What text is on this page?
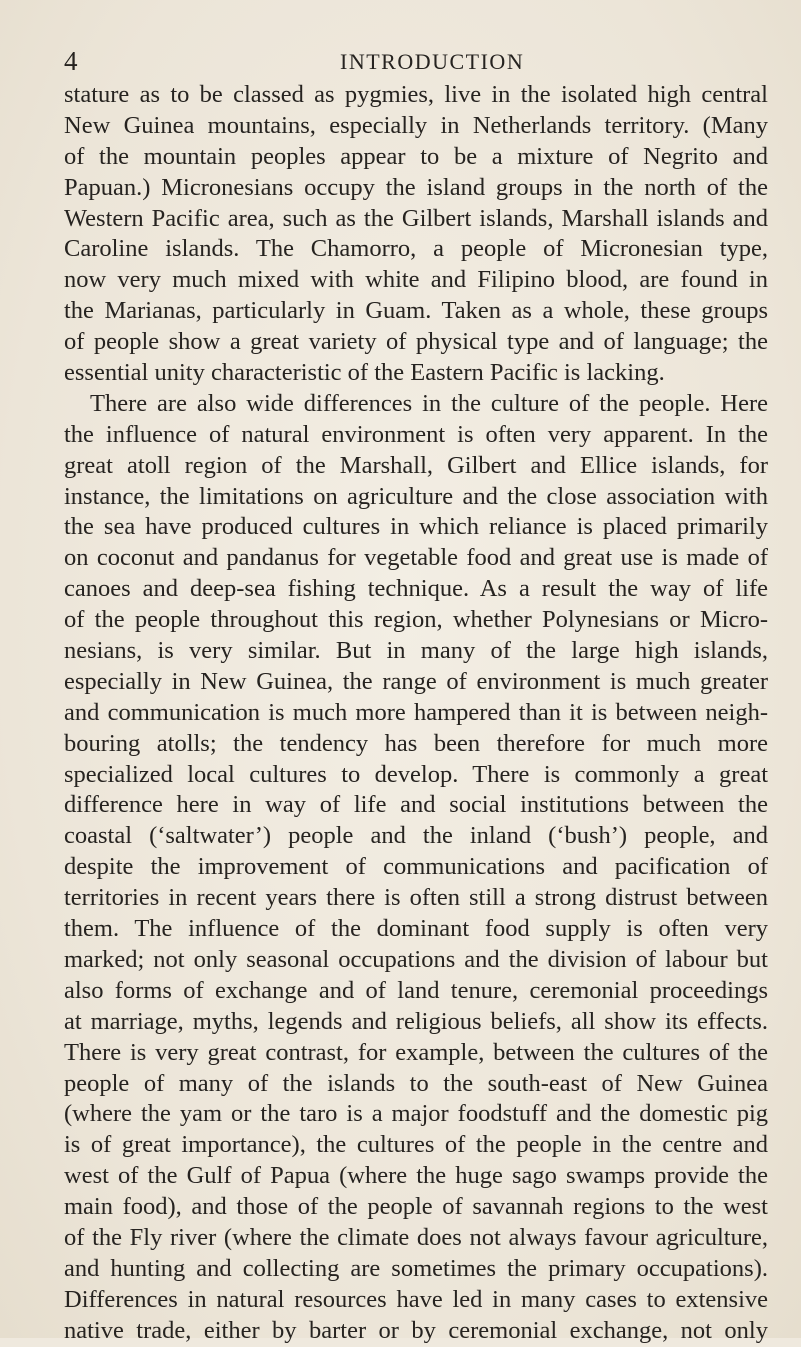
4	INTRODUCTION
stature as to be classed as pygmies, live in the isolated high central
New Guinea mountains, especially in Netherlands territory. (Many
of the mountain peoples appear to be a mixture of Negrito and
Papuan.) Micronesians occupy the island groups in the north of the
Western Pacific area, such as the Gilbert islands, Marshall islands and
Caroline islands. The Chamorro, a people of Micronesian type,
now very much mixed with white and Filipino blood, are found in
the Marianas, particularly in Guam. Taken as a whole, these groups
of people show a great variety of physical type and of language; the
essential unity characteristic of the Eastern Pacific is lacking.
There are also wide differences in the culture of the people. Here
the influence of natural environment is often very apparent. In the
great atoll region of the Marshall, Gilbert and Ellice islands, for
instance, the limitations on agriculture and the close association with
the sea have produced cultures in which reliance is placed primarily
on coconut and pandanus for vegetable food and great use is made of
canoes and deep-sea fishing technique. As a result the way of life
of the people throughout this region, whether Polynesians or Micro-
nesians, is very similar. But in many of the large high islands,
especially in New Guinea, the range of environment is much greater
and communication is much more hampered than it is between neigh-
bouring atolls; the tendency has been therefore for much more
specialized local cultures to develop. There is commonly a great
difference here in way of life and social institutions between the
coastal (‘saltwater’) people and the inland (‘bush’) people, and
despite the improvement of communications and pacification of
territories in recent years there is often still a strong distrust between
them. The influence of the dominant food supply is often very
marked; not only seasonal occupations and the division of labour but
also forms of exchange and of land tenure, ceremonial proceedings
at marriage, myths, legends and religious beliefs, all show its effects.
There is very great contrast, for example, between the cultures of the
people of many of the islands to the south-east of New Guinea
(where the yam or the taro is a major foodstuff and the domestic pig
is of great importance), the cultures of the people in the centre and
west of the Gulf of Papua (where the huge sago swamps provide the
main food), and those of the people of savannah regions to the west
of the Fly river (where the climate does not always favour agriculture,
and hunting and collecting are sometimes the primary occupations).
Differences in natural resources have led in many cases to extensive
native trade, either by barter or by ceremonial exchange, not only
